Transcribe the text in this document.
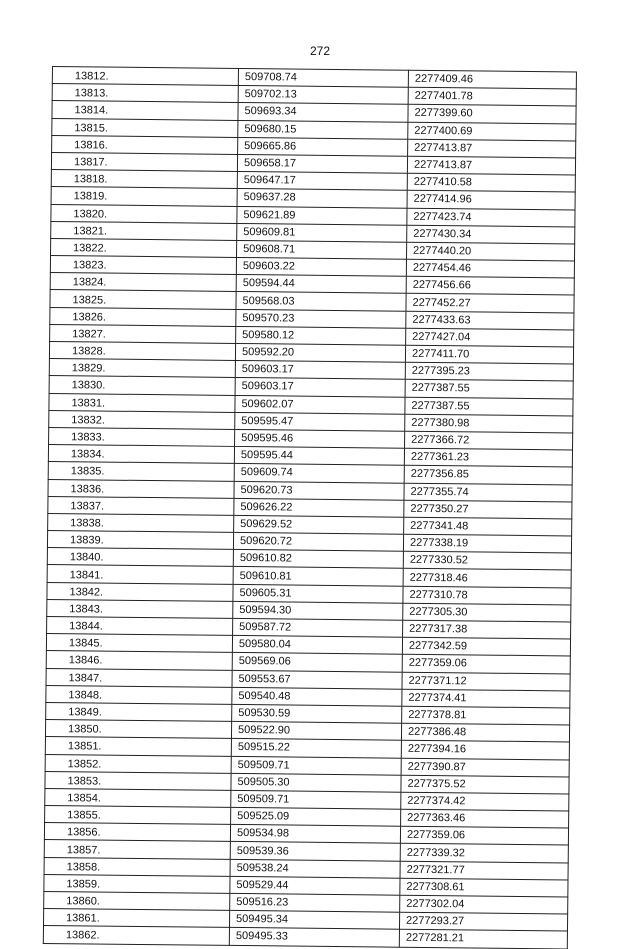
272
13812.	509708.74	2277409.46
13813.	509702.13	2277401.78
13814.	509693.34	2277399.60
13815.	509680.15	2277400.69
13816.	509665.86	2277413.87
13817.	509658.17	2277413.87
13818.	509647.17	2277410.58
13819.	509637.28	2277414.96
13820.	509621.89	2277423.74
13821.	509609.81	2277430.34
13822.	509608.71	2277440.20
13823.	509603.22	2277454.46
13824.	509594.44	2277456.66
13825.	509568.03	2277452.27
13826.	509570.23	2277433.63
13827.	509580.12	2277427.04
13828.	509592.20	2277411.70
13829.	509603.17	2277395.23
13830.	509603.17	2277387.55
13831.	509602.07	2277387.55
13832.	509595.47	2277380.98
13833.	509595.46	2277366.72
13834.	509595.44	2277361.23
13835.	509609.74	2277356.85
13836.	509620.73	2277355.74
13837.	509626.22	2277350.27
13838.	509629.52	2277341.48
13839.	509620.72	2277338.19
13840.	509610.82	2277330.52
13841.	509610.81	2277318.46
13842.	509605.31	2277310.78
13843.	509594.30	2277305.30
13844.	509587.72	2277317.38
13845.	509580.04	2277342.59
13846.	509569.06	2277359.06
13847.	509553.67	2277371.12
13848.	509540.48	2277374.41
13849.	509530.59	2277378.81
13850.	509522.90	2277386.48
13851.	509515.22	2277394.16
13852.	509509.71	2277390.87
13853.	509505.30	2277375.52
13854.	509509.71	2277374.42
13855.	509525.09	2277363.46
13856.	509534.98	2277359.06
13857.	509539.36	2277339.32
13858.	509538.24	2277321.77
13859.	509529.44	2277308.61
13860.	509516.23	2277302.04
13861.	509495.34	2277293.27
13862.	509495.33	2277281.21
